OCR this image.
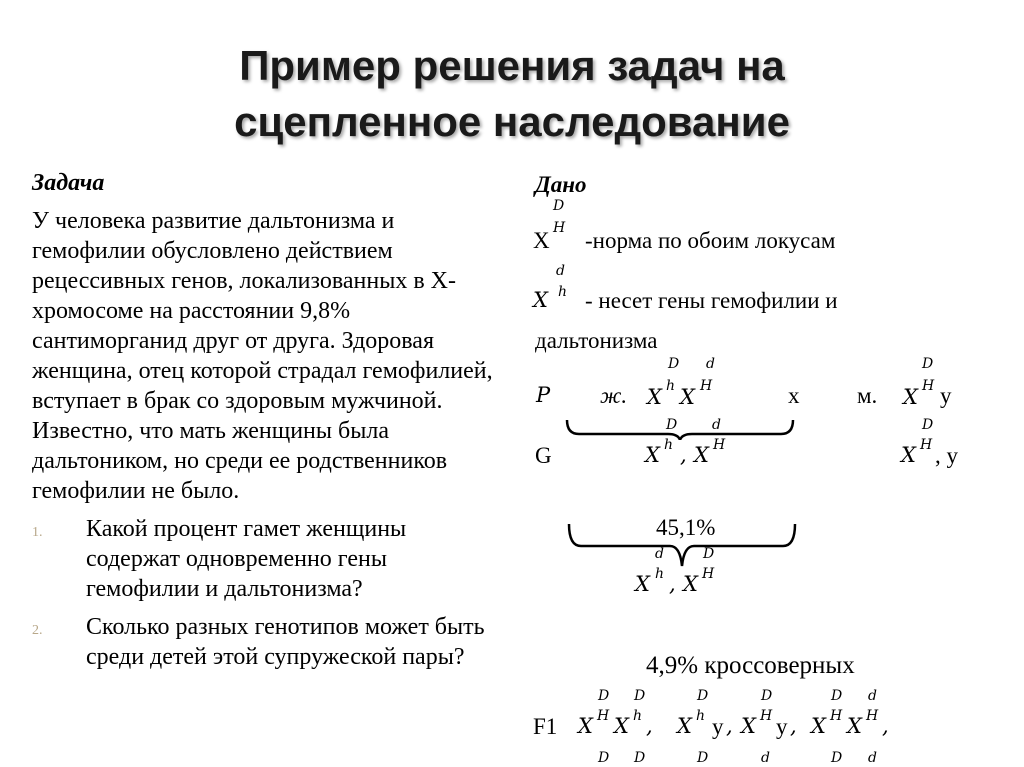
Пример решения задач на
сцепленное наследование
Задача

У человека развитие дальтонизма и гемофилии обусловлено действием рецессивных генов, локализованных в Х-хромосоме на расстоянии 9,8% сантиморганид друг от друга. Здоровая женщина, отец которой страдал гемофилией, вступает в брак со здоровым мужчиной. Известно, что мать женщины была дальтоником, но среди ее родственников гемофилии не было.

1.	Какой процент гамет женщины содержат одновременно гены гемофилии и дальтонизма?
2.	Сколько разных генотипов может быть среди детей этой супружеской пары?
Дано
D
X H -норма по обоим локусам
d
X h - несет гены гемофилии и
дальтонизма
P ж.
D d
X h X H	х	м.
D
X H у
G
D d
X h , X H
D
X H , у
45,1%
d	D
X h , X H
4,9% кроссоверных
D D	D	D	D d
F1 X H X h , X h у , X H у , X H X H ,
D D	D	d	D d
